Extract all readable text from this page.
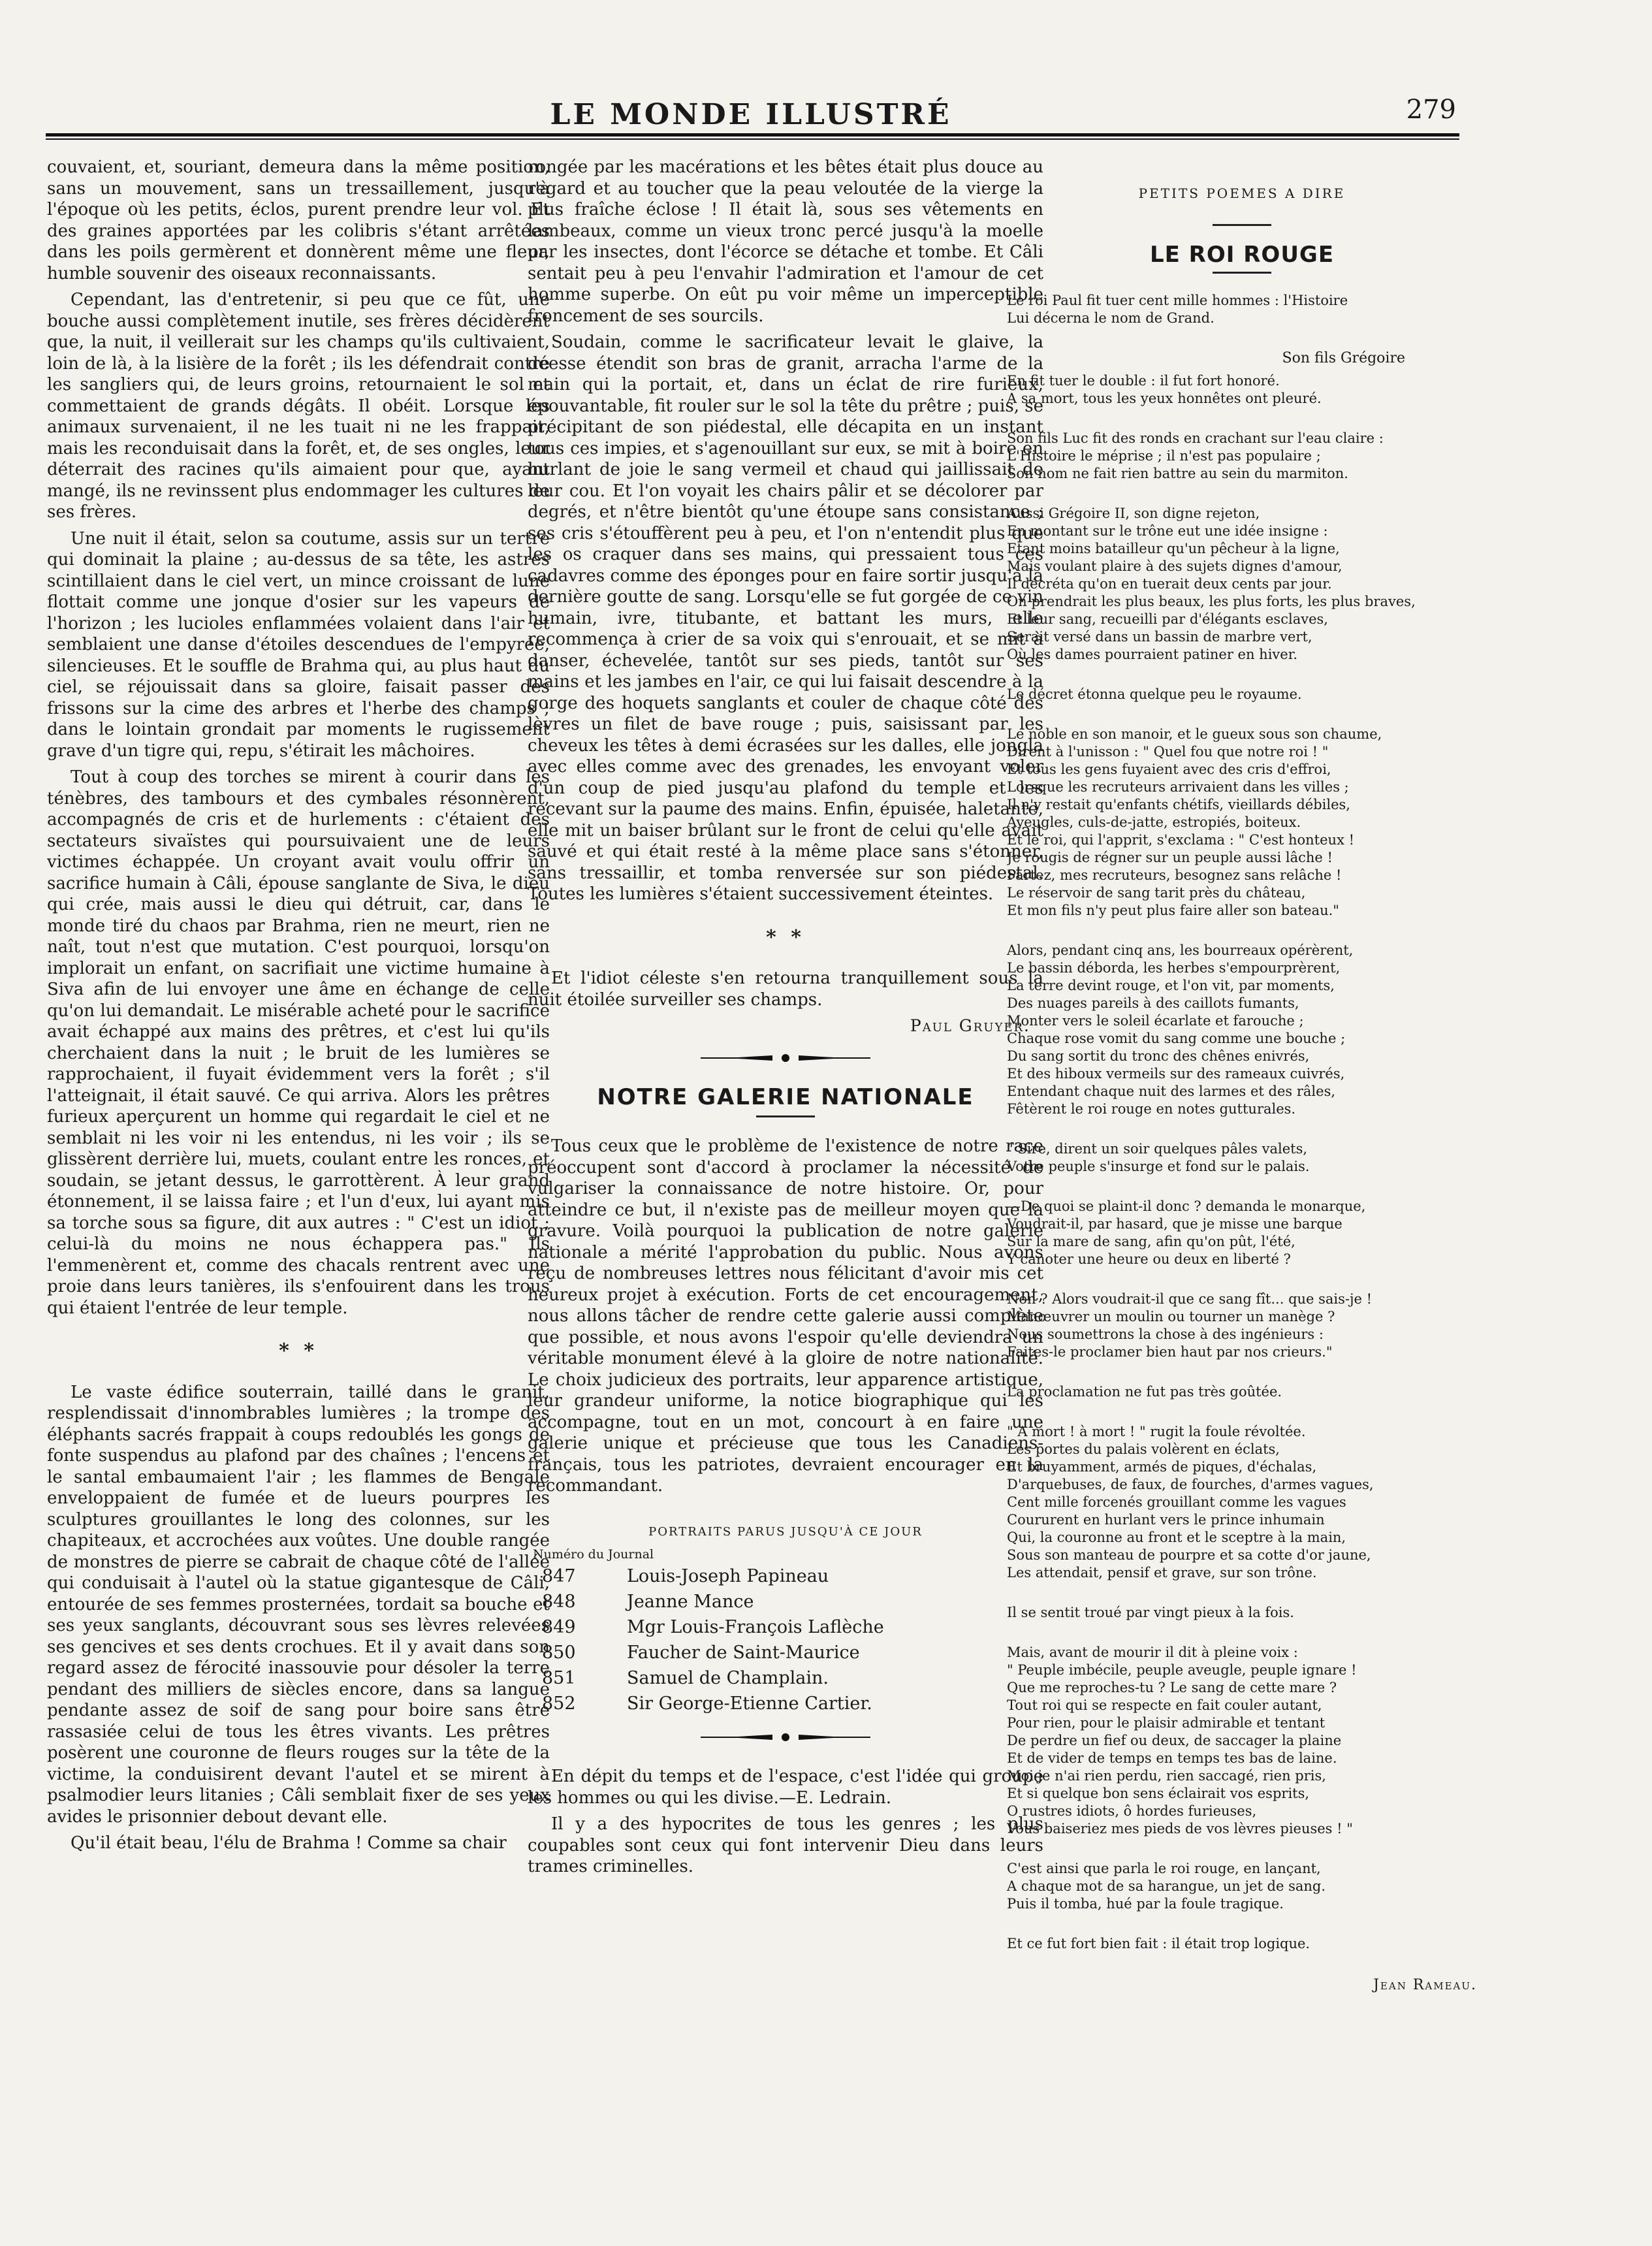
LE MONDE ILLUSTRÉ	279

couvaient, et, souriant, demeura dans la même position, sans un mouvement, sans un tressaillement, jusqu'à l'époque où les petits, éclos, purent prendre leur vol. Et des graines apportées par les colibris s'étant arrêtées dans les poils germèrent et donnèrent même une fleur, humble souvenir des oiseaux reconnaissants.

Cependant, las d'entretenir, si peu que ce fût, une bouche aussi complètement inutile, ses frères décidèrent que, la nuit, il veillerait sur les champs qu'ils cultivaient, loin de là, à la lisière de la forêt ; ils les défendrait contre les sangliers qui, de leurs groins, retournaient le sol et commettaient de grands dégâts. Il obéit. Lorsque les animaux survenaient, il ne les tuait ni ne les frappait, mais les reconduisait dans la forêt, et, de ses ongles, leur déterrait des racines qu'ils aimaient pour que, ayant mangé, ils ne revinssent plus endommager les cultures de ses frères.

Une nuit il était, selon sa coutume, assis sur un tertre qui dominait la plaine ; au-dessus de sa tête, les astres scintillaient dans le ciel vert, un mince croissant de lune flottait comme une jonque d'osier sur les vapeurs de l'horizon ; les lucioles enflammées volaient dans l'air et semblaient une danse d'étoiles descendues de l'empyrée, silencieuses. Et le souffle de Brahma qui, au plus haut du ciel, se réjouissait dans sa gloire, faisait passer des frissons sur la cime des arbres et l'herbe des champs ; dans le lointain grondait par moments le rugissement grave d'un tigre qui, repu, s'étirait les mâchoires.

Tout à coup des torches se mirent à courir dans les ténèbres, des tambours et des cymbales résonnèrent, accompagnés de cris et de hurlements : c'étaient des sectateurs sivaïstes qui poursuivaient une de leurs victimes échappée. Un croyant avait voulu offrir un sacrifice humain à Câli, épouse sanglante de Siva, le dieu qui crée, mais aussi le dieu qui détruit, car, dans le monde tiré du chaos par Brahma, rien ne meurt, rien ne naît, tout n'est que mutation. C'est pourquoi, lorsqu'on implorait un enfant, on sacrifiait une victime humaine à Siva afin de lui envoyer une âme en échange de celle qu'on lui demandait. Le misérable acheté pour le sacrifice avait échappé aux mains des prêtres, et c'est lui qu'ils cherchaient dans la nuit ; le bruit de les lumières se rapprochaient, il fuyait évidemment vers la forêt ; s'il l'atteignait, il était sauvé. Ce qui arriva. Alors les prêtres furieux aperçurent un homme qui regardait le ciel et ne semblait ni les voir ni les entendus, ni les voir ; ils se glissèrent derrière lui, muets, coulant entre les ronces, et soudain, se jetant dessus, le garrottèrent. À leur grand étonnement, il se laissa faire ; et l'un d'eux, lui ayant mis sa torche sous sa figure, dit aux autres : " C'est un idiot ; celui-là du moins ne nous échappera pas." Ils l'emmenèrent et, comme des chacals rentrent avec une proie dans leurs tanières, ils s'enfouirent dans les trous qui étaient l'entrée de leur temple.

* *

Le vaste édifice souterrain, taillé dans le granit, resplendissait d'innombrables lumières ; la trompe des éléphants sacrés frappait à coups redoublés les gongs de fonte suspendus au plafond par des chaînes ; l'encens et le santal embaumaient l'air ; les flammes de Bengale enveloppaient de fumée et de lueurs pourpres les sculptures grouillantes le long des colonnes, sur les chapiteaux, et accrochées aux voûtes. Une double rangée de monstres de pierre se cabrait de chaque côté de l'allée qui conduisait à l'autel où la statue gigantesque de Câli, entourée de ses femmes prosternées, tordait sa bouche et ses yeux sanglants, découvrant sous ses lèvres relevées ses gencives et ses dents crochues. Et il y avait dans son regard assez de férocité inassouvie pour désoler la terre pendant des milliers de siècles encore, dans sa langue pendante assez de soif de sang pour boire sans être rassasiée celui de tous les êtres vivants. Les prêtres posèrent une couronne de fleurs rouges sur la tête de la victime, la conduisirent devant l'autel et se mirent à psalmodier leurs litanies ; Câli semblait fixer de ses yeux avides le prisonnier debout devant elle.

Qu'il était beau, l'élu de Brahma ! Comme sa chair

rongée par les macérations et les bêtes était plus douce au regard et au toucher que la peau veloutée de la vierge la plus fraîche éclose ! Il était là, sous ses vêtements en lambeaux, comme un vieux tronc percé jusqu'à la moelle par les insectes, dont l'écorce se détache et tombe. Et Câli sentait peu à peu l'envahir l'admiration et l'amour de cet homme superbe. On eût pu voir même un imperceptible froncement de ses sourcils.

Soudain, comme le sacrificateur levait le glaive, la déesse étendit son bras de granit, arracha l'arme de la main qui la portait, et, dans un éclat de rire furieux, épouvantable, fit rouler sur le sol la tête du prêtre ; puis, se précipitant de son piédestal, elle décapita en un instant tous ces impies, et s'agenouillant sur eux, se mit à boire en hurlant de joie le sang vermeil et chaud qui jaillissait de leur cou. Et l'on voyait les chairs pâlir et se décolorer par degrés, et n'être bientôt qu'une étoupe sans consistance ; ses cris s'étouffèrent peu à peu, et l'on n'entendit plus que les os craquer dans ses mains, qui pressaient tous ces cadavres comme des éponges pour en faire sortir jusqu'à la dernière goutte de sang. Lorsqu'elle se fut gorgée de ce vin humain, ivre, titubante, et battant les murs, elle recommença à crier de sa voix qui s'enrouait, et se mit à danser, échevelée, tantôt sur ses pieds, tantôt sur ses mains et les jambes en l'air, ce qui lui faisait descendre à la gorge des hoquets sanglants et couler de chaque côté des lèvres un filet de bave rouge ; puis, saisissant par les cheveux les têtes à demi écrasées sur les dalles, elle jongla avec elles comme avec des grenades, les envoyant voler d'un coup de pied jusqu'au plafond du temple et les recevant sur la paume des mains. Enfin, épuisée, haletante, elle mit un baiser brûlant sur le front de celui qu'elle avait sauvé et qui était resté à la même place sans s'étonner, sans tressaillir, et tomba renversée sur son piédestal. Toutes les lumières s'étaient successivement éteintes.

* *

Et l'idiot céleste s'en retourna tranquillement sous la nuit étoilée surveiller ses champs.

Paul Gruyer.
NOTRE GALERIE NATIONALE

Tous ceux que le problème de l'existence de notre race préoccupent sont d'accord à proclamer la nécessité de vulgariser la connaissance de notre histoire. Or, pour atteindre ce but, il n'existe pas de meilleur moyen que la gravure. Voilà pourquoi la publication de notre galerie nationale a mérité l'approbation du public. Nous avons reçu de nombreuses lettres nous félicitant d'avoir mis cet heureux projet à exécution. Forts de cet encouragement, nous allons tâcher de rendre cette galerie aussi complète que possible, et nous avons l'espoir qu'elle deviendra un véritable monument élevé à la gloire de notre nationalité. Le choix judicieux des portraits, leur apparence artistique, leur grandeur uniforme, la notice biographique qui les accompagne, tout en un mot, concourt à en faire une galerie unique et précieuse que tous les Canadiens-français, tous les patriotes, devraient encourager en la recommandant.

PORTRAITS PARUS JUSQU'À CE JOUR
Numéro du Journal	
847	Louis-Joseph Papineau
848	Jeanne Mance
849	Mgr Louis-François Laflèche
850	Faucher de Saint-Maurice
851	Samuel de Champlain.
852	Sir George-Etienne Cartier.

En dépit du temps et de l'espace, c'est l'idée qui groupe les hommes ou qui les divise.—E. Ledrain.

Il y a des hypocrites de tous les genres ; les plus coupables sont ceux qui font intervenir Dieu dans leurs trames criminelles.

PETITS POEMES A DIRE
LE ROI ROUGE
Le roi Paul fit tuer cent mille hommes : l'Histoire
Lui décerna le nom de Grand.
Son fils Grégoire
En fit tuer le double : il fut fort honoré.
A sa mort, tous les yeux honnêtes ont pleuré.
Son fils Luc fit des ronds en crachant sur l'eau claire :
L'Histoire le méprise ; il n'est pas populaire ;
Son nom ne fait rien battre au sein du marmiton.
Aussi Grégoire II, son digne rejeton,
En montant sur le trône eut une idée insigne :
Etant moins batailleur qu'un pêcheur à la ligne,
Mais voulant plaire à des sujets dignes d'amour,
Il décréta qu'on en tuerait deux cents par jour.
On prendrait les plus beaux, les plus forts, les plus braves,
Et leur sang, recueilli par d'élégants esclaves,
Serait versé dans un bassin de marbre vert,
Où les dames pourraient patiner en hiver.
Le décret étonna quelque peu le royaume.
Le noble en son manoir, et le gueux sous son chaume,
Dirent à l'unisson : " Quel fou que notre roi ! "
Et tous les gens fuyaient avec des cris d'effroi,
Lorsque les recruteurs arrivaient dans les villes ;
Il n'y restait qu'enfants chétifs, vieillards débiles,
Aveugles, culs-de-jatte, estropiés, boiteux.
Et le roi, qui l'apprit, s'exclama : " C'est honteux !
Je rougis de régner sur un peuple aussi lâche !
Partez, mes recruteurs, besognez sans relâche !
Le réservoir de sang tarit près du château,
Et mon fils n'y peut plus faire aller son bateau."
Alors, pendant cinq ans, les bourreaux opérèrent,
Le bassin déborda, les herbes s'empourprèrent,
La terre devint rouge, et l'on vit, par moments,
Des nuages pareils à des caillots fumants,
Monter vers le soleil écarlate et farouche ;
Chaque rose vomit du sang comme une bouche ;
Du sang sortit du tronc des chênes enivrés,
Et des hiboux vermeils sur des rameaux cuivrés,
Entendant chaque nuit des larmes et des râles,
Fêtèrent le roi rouge en notes gutturales.
" Sire, dirent un soir quelques pâles valets,
Votre peuple s'insurge et fond sur le palais.
—De quoi se plaint-il donc ? demanda le monarque,
Voudrait-il, par hasard, que je misse une barque
Sur la mare de sang, afin qu'on pût, l'été,
Y canoter une heure ou deux en liberté ?
Non ? Alors voudrait-il que ce sang fît... que sais-je !
Manœuvrer un moulin ou tourner un manège ?
Nous soumettrons la chose à des ingénieurs :
Faites-le proclamer bien haut par nos crieurs."
La proclamation ne fut pas très goûtée.
" A mort ! à mort ! " rugit la foule révoltée.
Les portes du palais volèrent en éclats,
Et bruyamment, armés de piques, d'échalas,
D'arquebuses, de faux, de fourches, d'armes vagues,
Cent mille forcenés grouillant comme les vagues
Coururent en hurlant vers le prince inhumain
Qui, la couronne au front et le sceptre à la main,
Sous son manteau de pourpre et sa cotte d'or jaune,
Les attendait, pensif et grave, sur son trône.
Il se sentit troué par vingt pieux à la fois.
Mais, avant de mourir il dit à pleine voix :
" Peuple imbécile, peuple aveugle, peuple ignare !
Que me reproches-tu ? Le sang de cette mare ?
Tout roi qui se respecte en fait couler autant,
Pour rien, pour le plaisir admirable et tentant
De perdre un fief ou deux, de saccager la plaine
Et de vider de temps en temps tes bas de laine.
Moi je n'ai rien perdu, rien saccagé, rien pris,
Et si quelque bon sens éclairait vos esprits,
O rustres idiots, ô hordes furieuses,
Vous baiseriez mes pieds de vos lèvres pieuses ! "
C'est ainsi que parla le roi rouge, en lançant,
A chaque mot de sa harangue, un jet de sang.
Puis il tomba, hué par la foule tragique.
Et ce fut fort bien fait : il était trop logique.
Jean Rameau.
